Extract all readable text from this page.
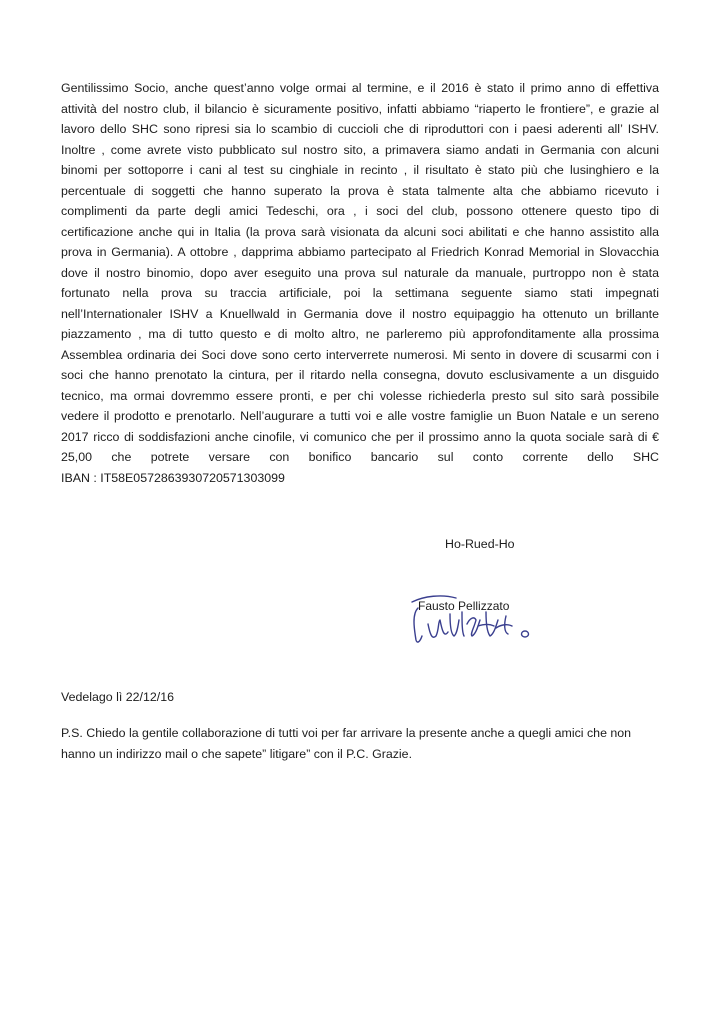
Gentilissimo Socio, anche quest’anno volge ormai al termine, e il 2016 è stato il primo anno di effettiva
attività del nostro club, il bilancio è sicuramente positivo, infatti abbiamo “riaperto le frontiere”, e grazie al
lavoro dello SHC sono ripresi sia lo scambio di cuccioli che di riproduttori con i paesi aderenti all’ ISHV.
Inoltre , come avrete visto pubblicato sul nostro sito, a primavera siamo andati in Germania con alcuni
binomi per sottoporre i cani al test su cinghiale in recinto , il risultato è stato più che lusinghiero e la
percentuale di soggetti che hanno superato la prova è stata talmente alta che abbiamo ricevuto i
complimenti da parte degli amici Tedeschi, ora , i soci del club, possono ottenere questo tipo di
certificazione anche qui in Italia (la prova sarà visionata da alcuni soci abilitati e che hanno assistito alla
prova in Germania). A ottobre , dapprima abbiamo partecipato al Friedrich Konrad Memorial in Slovacchia
dove il nostro binomio, dopo aver eseguito una prova sul naturale da manuale, purtroppo non è stata
fortunato nella prova su traccia artificiale, poi la settimana seguente siamo stati impegnati
nell’Internationaler ISHV a Knuellwald in Germania dove il nostro equipaggio ha ottenuto un brillante
piazzamento , ma di tutto questo e di molto altro, ne parleremo più approfonditamente alla prossima
Assemblea ordinaria dei Soci dove sono certo interverrete numerosi. Mi sento in dovere di scusarmi con i
soci che hanno prenotato la cintura, per il ritardo nella consegna, dovuto esclusivamente a un disguido
tecnico, ma ormai dovremmo essere pronti, e per chi volesse richiederla presto sul sito sarà possibile
vedere il prodotto e prenotarlo. Nell’augurare a tutti voi e alle vostre famiglie un Buon Natale e un sereno
2017 ricco di soddisfazioni anche cinofile, vi comunico che per il prossimo anno la quota sociale sarà di €
25,00 che potrete versare con bonifico bancario sul conto corrente dello SHC
IBAN : IT58E0572863930720571303099

Ho-Rued-Ho

Fausto Pellizzato

Vedelago lì 22/12/16

P.S. Chiedo la gentile collaborazione di tutti voi per far arrivare la presente anche a quegli amici che non
hanno un indirizzo mail o che sapete” litigare” con il P.C. Grazie.
